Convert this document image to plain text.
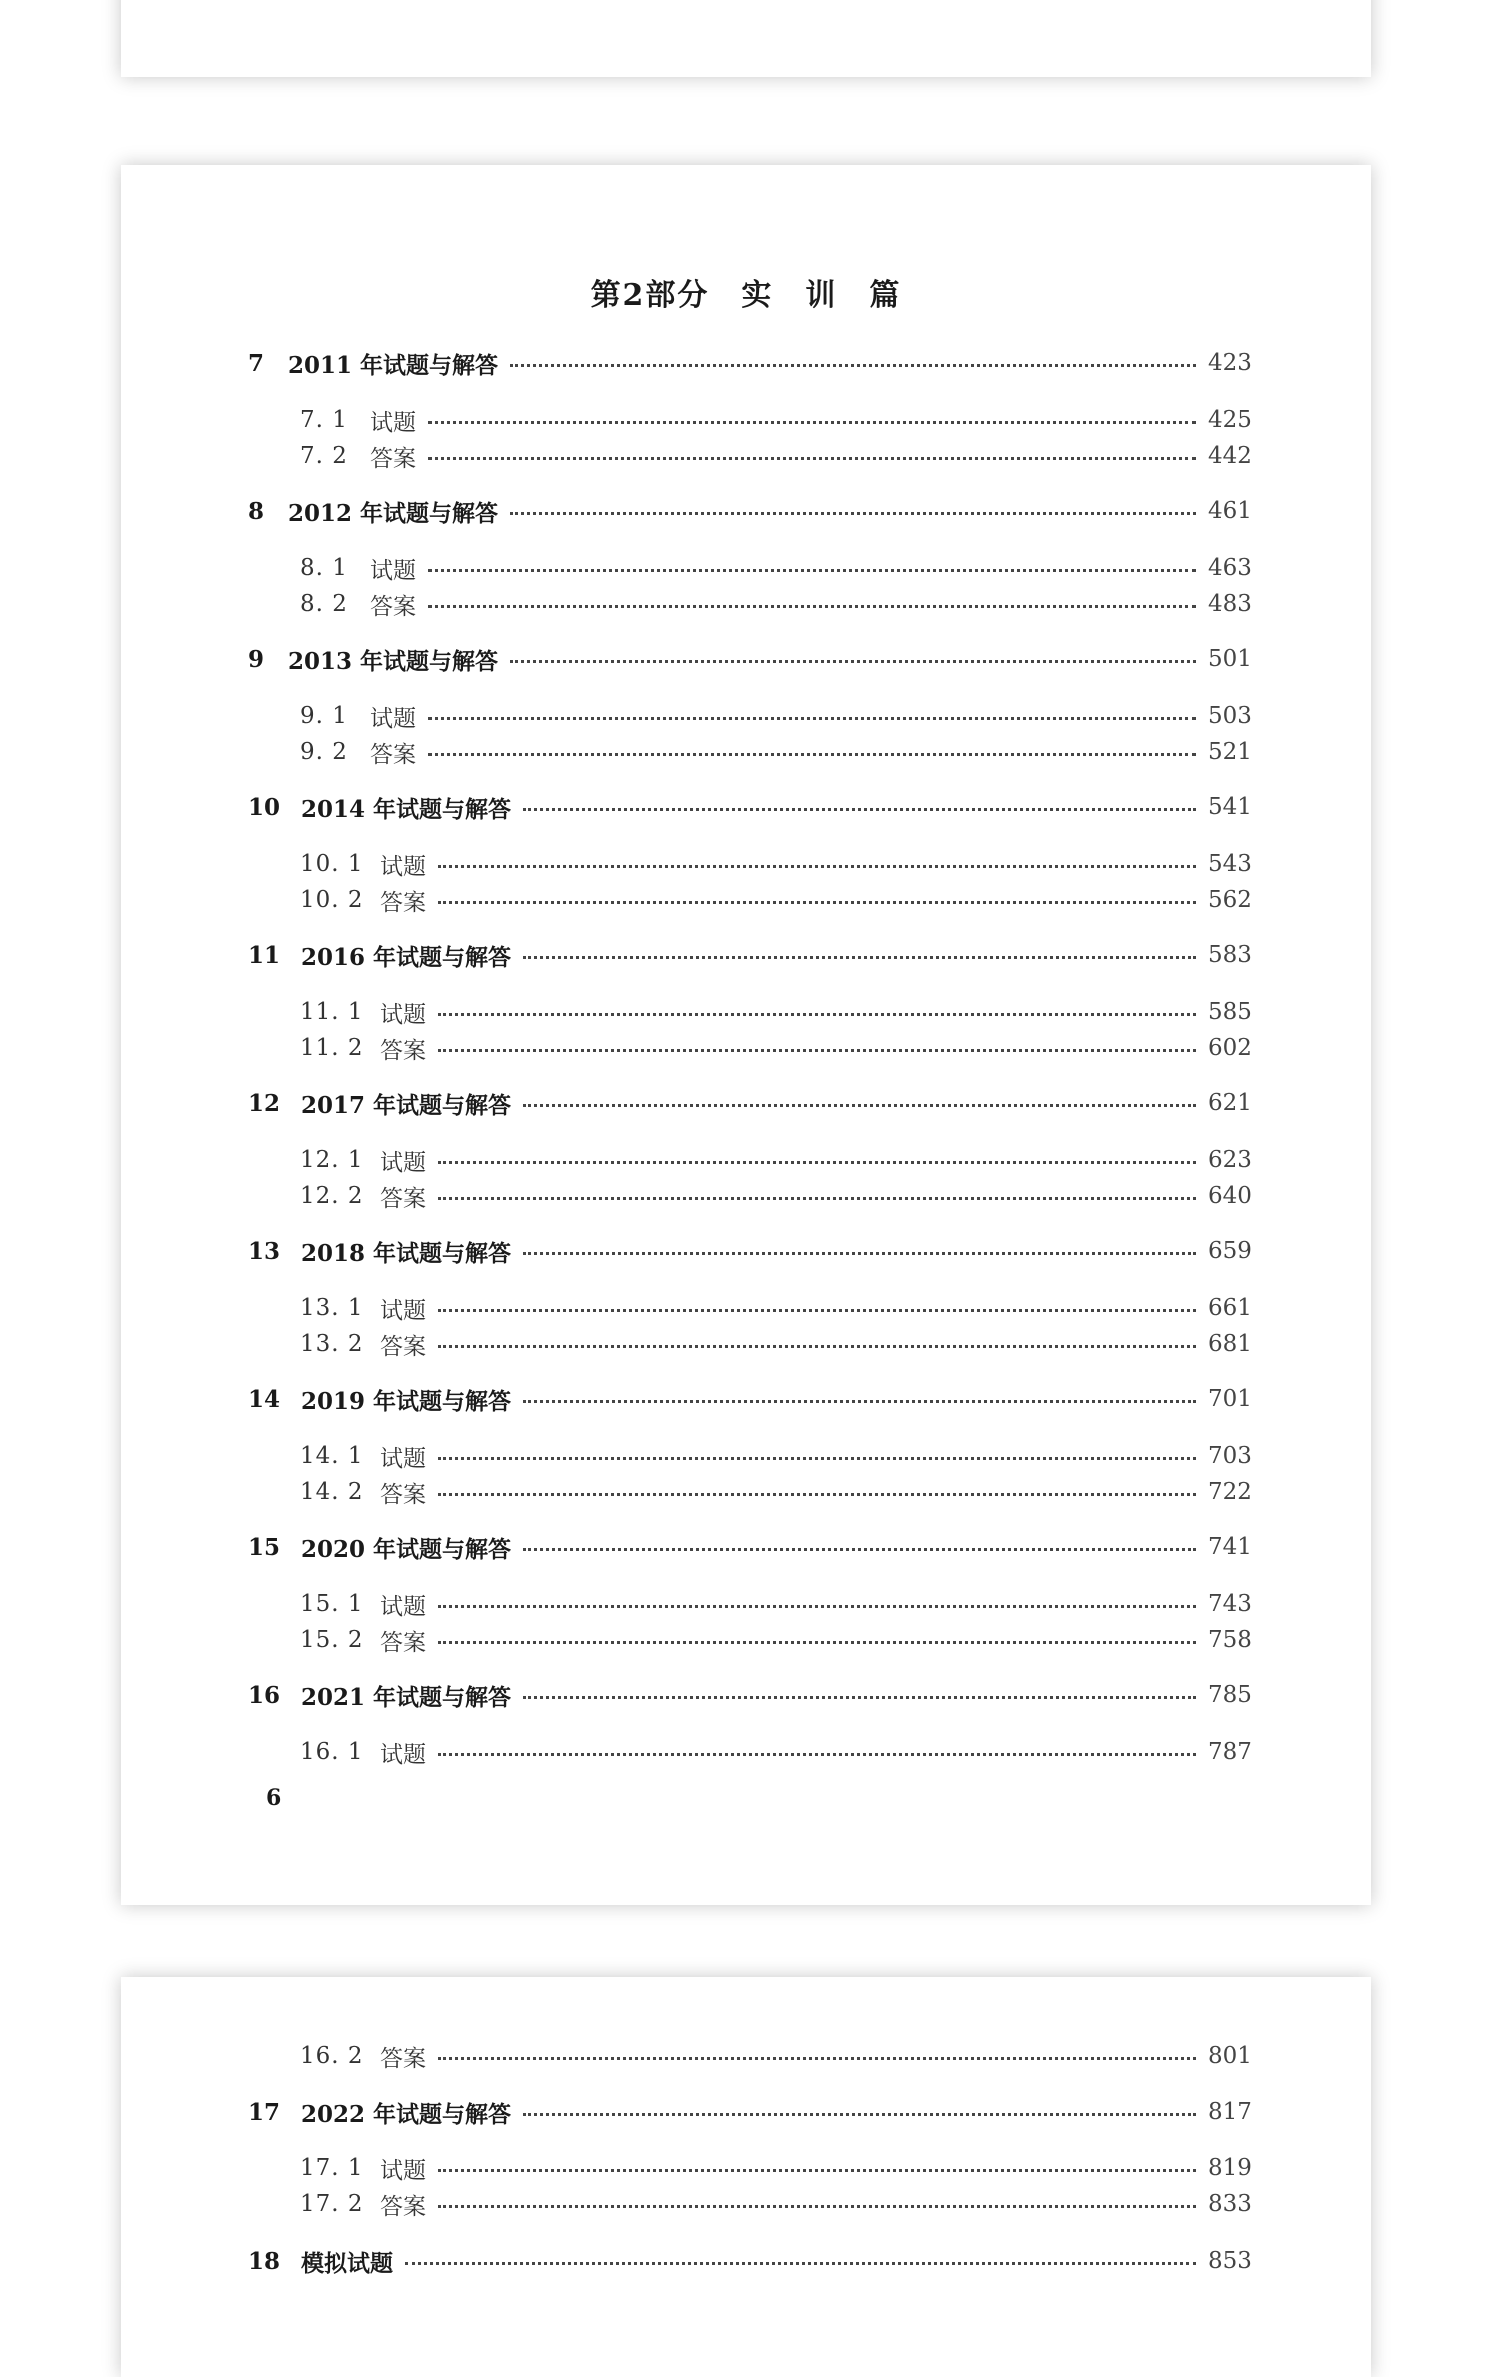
第2部分　实　训　篇
7	2011 年试题与解答	423
7. 1 试题	425
7. 2 答案	442
8	2012 年试题与解答	461
8. 1 试题	463
8. 2 答案	483
9	2013 年试题与解答	501
9. 1 试题	503
9. 2 答案	521
10 2014 年试题与解答	541
10. 1 试题	543
10. 2 答案	562
11 2016 年试题与解答	583
11. 1 试题	585
11. 2 答案	602
12 2017 年试题与解答	621
12. 1 试题	623
12. 2 答案	640
13 2018 年试题与解答	659
13. 1 试题	661
13. 2 答案	681
14 2019 年试题与解答	701
14. 1 试题	703
14. 2 答案	722
15 2020 年试题与解答	741
15. 1 试题	743
15. 2 答案	758
16 2021 年试题与解答	785
16. 1 试题	787
6
16. 2 答案	801
17 2022 年试题与解答	817
17. 1 试题	819
17. 2 答案	833
18 模拟试题	853
